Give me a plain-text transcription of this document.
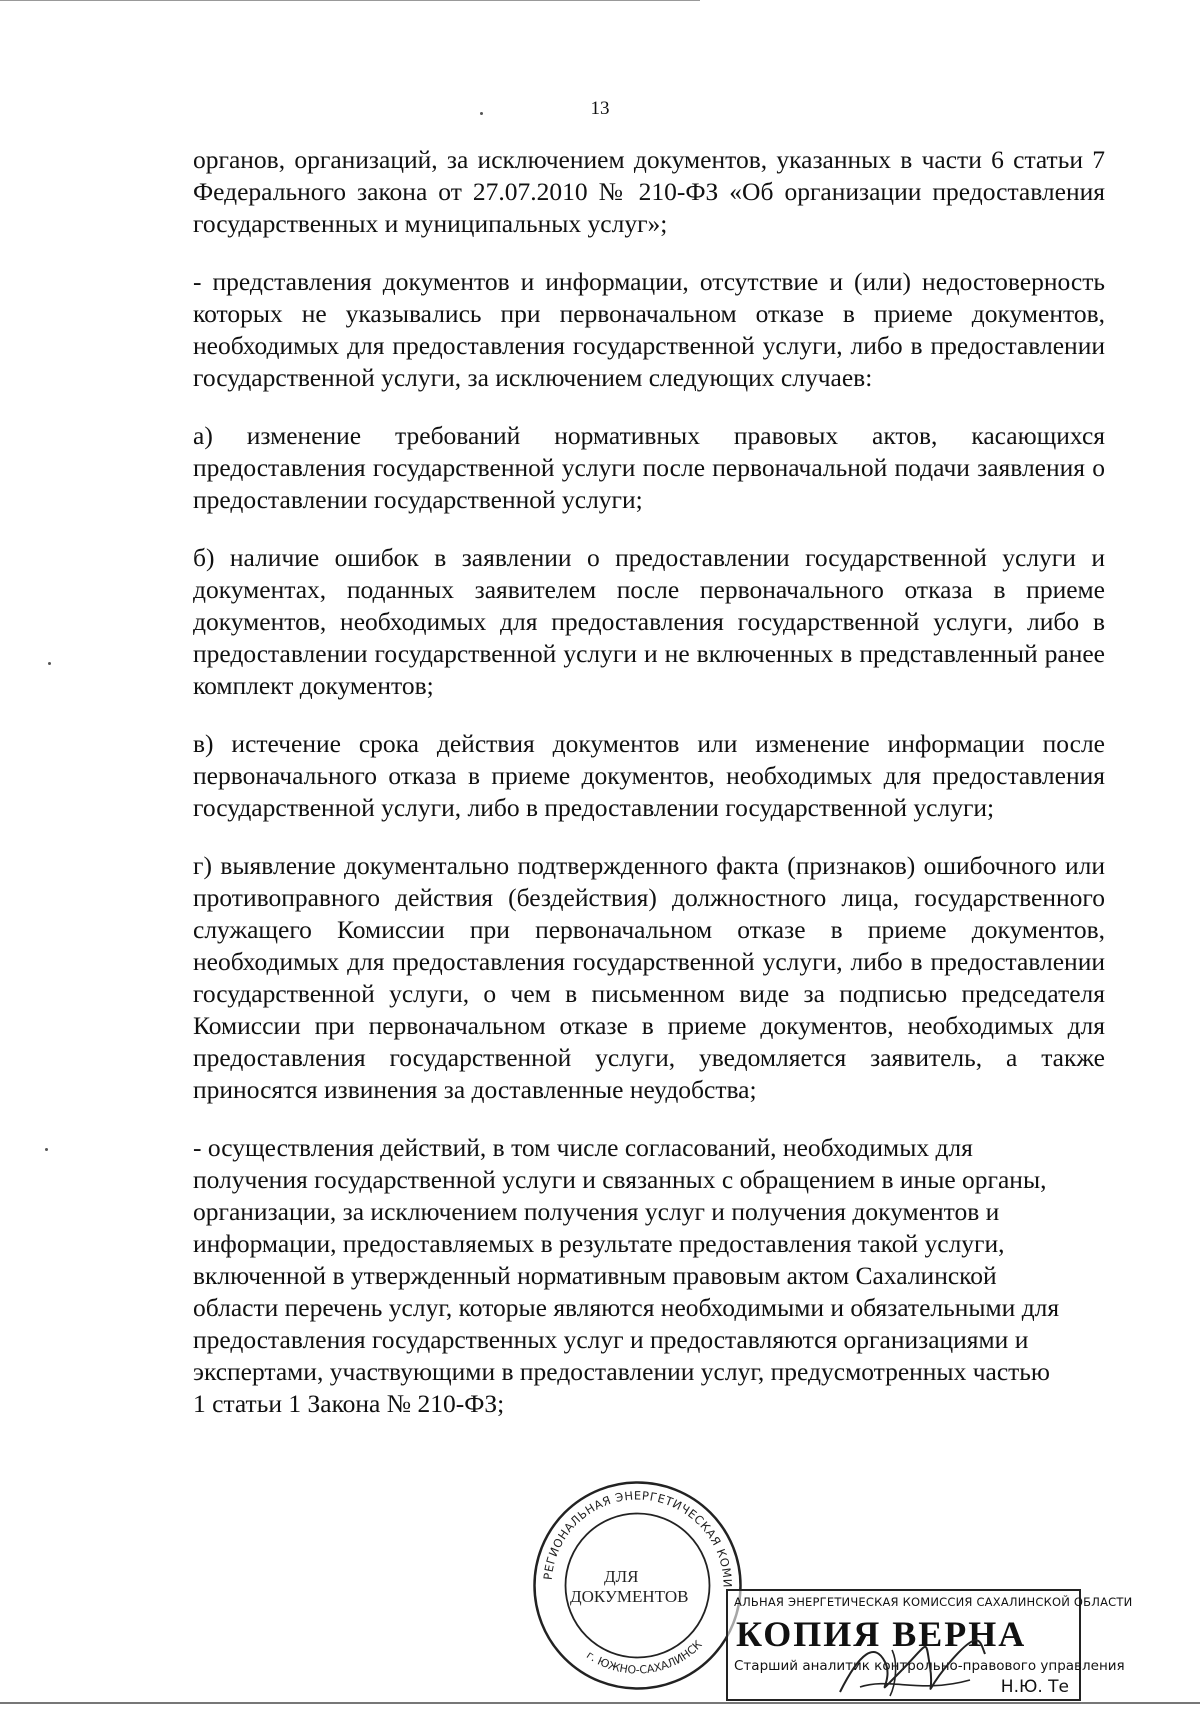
13

органов, организаций, за исключением документов, указанных в части 6 статьи 7 Федерального закона от 27.07.2010 № 210-ФЗ «Об организации предоставления государственных и муниципальных услуг»;

- представления документов и информации, отсутствие и (или) недостоверность которых не указывались при первоначальном отказе в приеме документов, необходимых для предоставления государственной услуги, либо в предоставлении государственной услуги, за исключением следующих случаев:

а) изменение требований нормативных правовых актов, касающихся предоставления государственной услуги после первоначальной подачи заявления о предоставлении государственной услуги;

б) наличие ошибок в заявлении о предоставлении государственной услуги и документах, поданных заявителем после первоначального отказа в приеме документов, необходимых для предоставления государственной услуги, либо в предоставлении государственной услуги и не включенных в представленный ранее комплект документов;

в) истечение срока действия документов или изменение информации после первоначального отказа в приеме документов, необходимых для предоставления государственной услуги, либо в предоставлении государственной услуги;

г) выявление документально подтвержденного факта (признаков) ошибочного или противоправного действия (бездействия) должностного лица, государственного служащего Комиссии при первоначальном отказе в приеме документов, необходимых для предоставления государственной услуги, либо в предоставлении государственной услуги, о чем в письменном виде за подписью председателя Комиссии при первоначальном отказе в приеме документов, необходимых для предоставления государственной услуги, уведомляется заявитель, а также приносятся извинения за доставленные неудобства;

- осуществления действий, в том числе согласований, необходимых для получения государственной услуги и связанных с обращением в иные органы, организации, за исключением получения услуг и получения документов и информации, предоставляемых в результате предоставления такой услуги, включенной в утвержденный нормативным правовым актом Сахалинской области перечень услуг, которые являются необходимыми и обязательными для предоставления государственных услуг и предоставляются организациями и экспертами, участвующими в предоставлении услуг, предусмотренных частью 1 статьи 1 Закона № 210-ФЗ;

РЕГИОНАЛЬНАЯ ЭНЕРГЕТИЧЕСКАЯ КОМИ
г. ЮЖНО-САХАЛИНСК
ДЛЯ
ДОКУМЕНТОВ	АЛЬНАЯ ЭНЕРГЕТИЧЕСКАЯ КОМИССИЯ САХАЛИНСКОЙ ОБЛАСТИ
КОПИЯ ВЕРНА
Старший аналитик контрольно-правового управления
Н.Ю. Те
